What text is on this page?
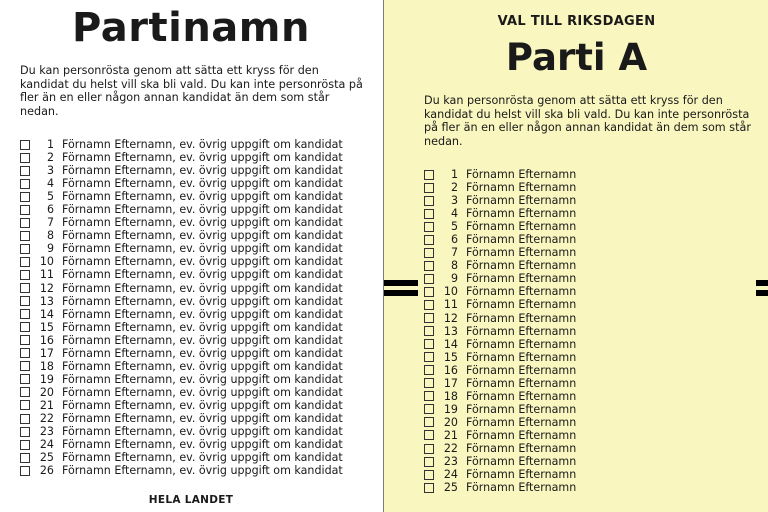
Partinamn

Du kan personrösta genom att sätta ett kryss för den kandidat du helst vill ska bli vald. Du kan inte personrösta på fler än en eller någon annan kandidat än dem som står nedan.

1 Förnamn Efternamn, ev. övrig uppgift om kandidat
2 Förnamn Efternamn, ev. övrig uppgift om kandidat
3 Förnamn Efternamn, ev. övrig uppgift om kandidat
4 Förnamn Efternamn, ev. övrig uppgift om kandidat
5 Förnamn Efternamn, ev. övrig uppgift om kandidat
6 Förnamn Efternamn, ev. övrig uppgift om kandidat
7 Förnamn Efternamn, ev. övrig uppgift om kandidat
8 Förnamn Efternamn, ev. övrig uppgift om kandidat
9 Förnamn Efternamn, ev. övrig uppgift om kandidat
10 Förnamn Efternamn, ev. övrig uppgift om kandidat
11 Förnamn Efternamn, ev. övrig uppgift om kandidat
12 Förnamn Efternamn, ev. övrig uppgift om kandidat
13 Förnamn Efternamn, ev. övrig uppgift om kandidat
14 Förnamn Efternamn, ev. övrig uppgift om kandidat
15 Förnamn Efternamn, ev. övrig uppgift om kandidat
16 Förnamn Efternamn, ev. övrig uppgift om kandidat
17 Förnamn Efternamn, ev. övrig uppgift om kandidat
18 Förnamn Efternamn, ev. övrig uppgift om kandidat
19 Förnamn Efternamn, ev. övrig uppgift om kandidat
20 Förnamn Efternamn, ev. övrig uppgift om kandidat
21 Förnamn Efternamn, ev. övrig uppgift om kandidat
22 Förnamn Efternamn, ev. övrig uppgift om kandidat
23 Förnamn Efternamn, ev. övrig uppgift om kandidat
24 Förnamn Efternamn, ev. övrig uppgift om kandidat
25 Förnamn Efternamn, ev. övrig uppgift om kandidat
26 Förnamn Efternamn, ev. övrig uppgift om kandidat
HELA LANDET
VAL TILL RIKSDAGEN
Parti A

Du kan personrösta genom att sätta ett kryss för den kandidat du helst vill ska bli vald. Du kan inte personrösta på fler än en eller någon annan kandidat än dem som står nedan.

1 Förnamn Efternamn
2 Förnamn Efternamn
3 Förnamn Efternamn
4 Förnamn Efternamn
5 Förnamn Efternamn
6 Förnamn Efternamn
7 Förnamn Efternamn
8 Förnamn Efternamn
9 Förnamn Efternamn
10 Förnamn Efternamn
11 Förnamn Efternamn
12 Förnamn Efternamn
13 Förnamn Efternamn
14 Förnamn Efternamn
15 Förnamn Efternamn
16 Förnamn Efternamn
17 Förnamn Efternamn
18 Förnamn Efternamn
19 Förnamn Efternamn
20 Förnamn Efternamn
21 Förnamn Efternamn
22 Förnamn Efternamn
23 Förnamn Efternamn
24 Förnamn Efternamn
25 Förnamn Efternamn
